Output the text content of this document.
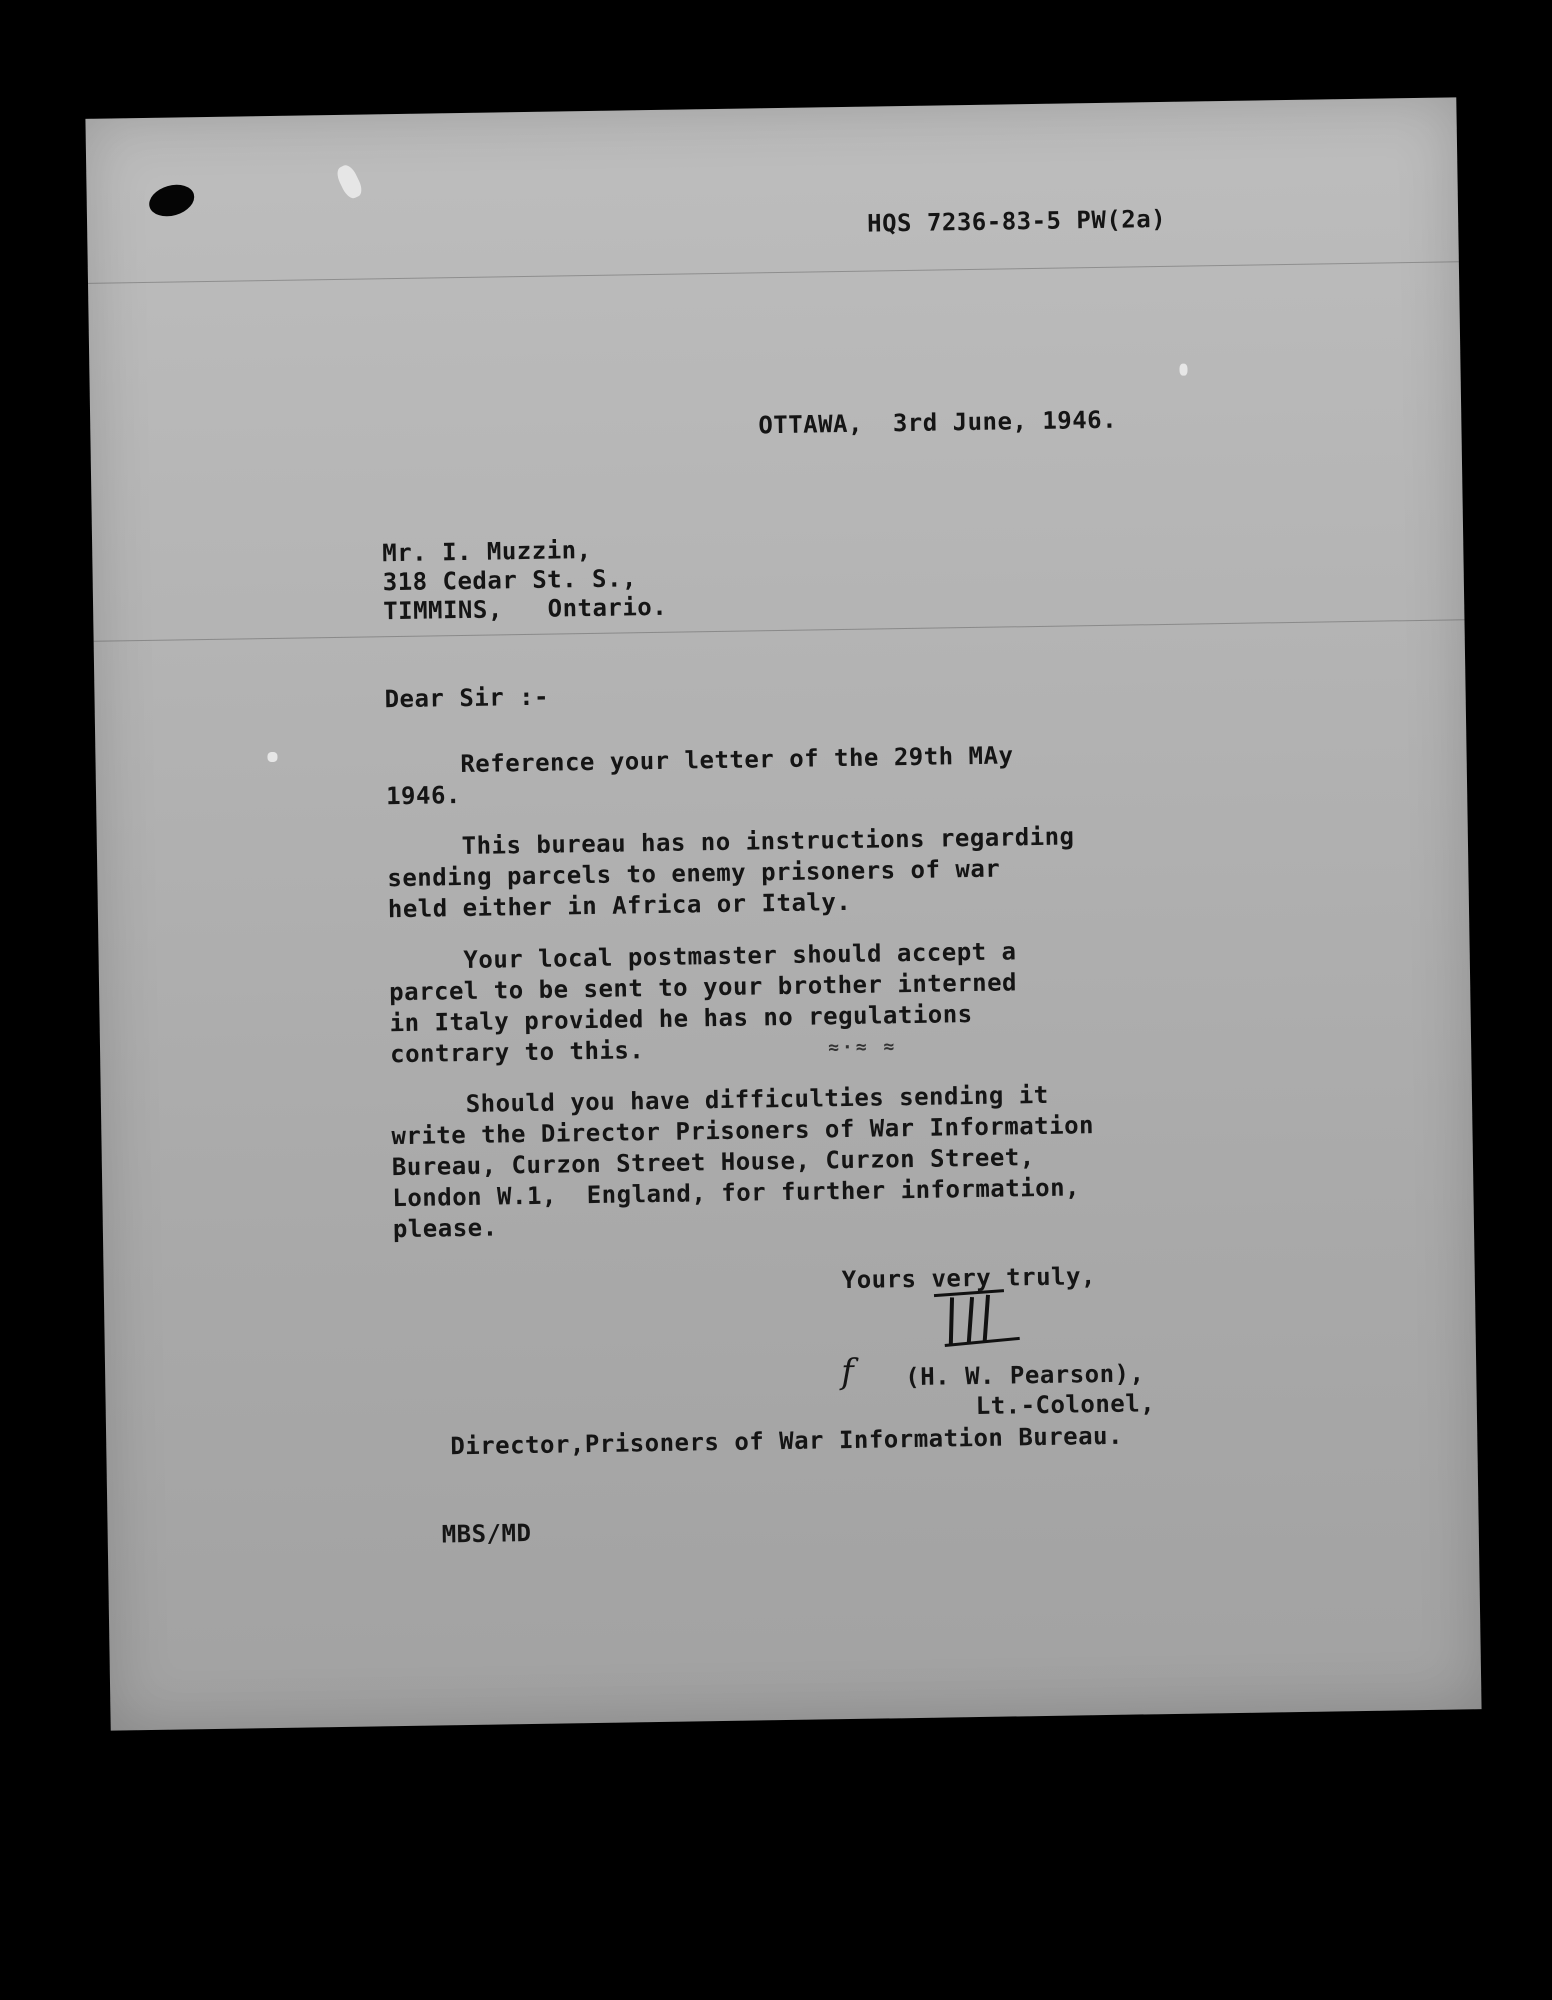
HQS 7236-83-5 PW(2a)
OTTAWA,  3rd June, 1946.
Mr. I. Muzzin,
318 Cedar St. S.,
TIMMINS,   Ontario.
Dear Sir :-
Reference your letter of the 29th MAy
1946.
This bureau has no instructions regarding
sending parcels to enemy prisoners of war
held either in Africa or Italy.
Your local postmaster should accept a
parcel to be sent to your brother interned
in Italy provided he has no regulations
contrary to this.	≈·≈ ≈
Should you have difficulties sending it
write the Director Prisoners of War Information
Bureau, Curzon Street House, Curzon Street,
London W.1,  England, for further information,
please.
Yours very truly,
f (H. W. Pearson),
Lt.-Colonel,
Director,Prisoners of War Information Bureau.
MBS/MD
